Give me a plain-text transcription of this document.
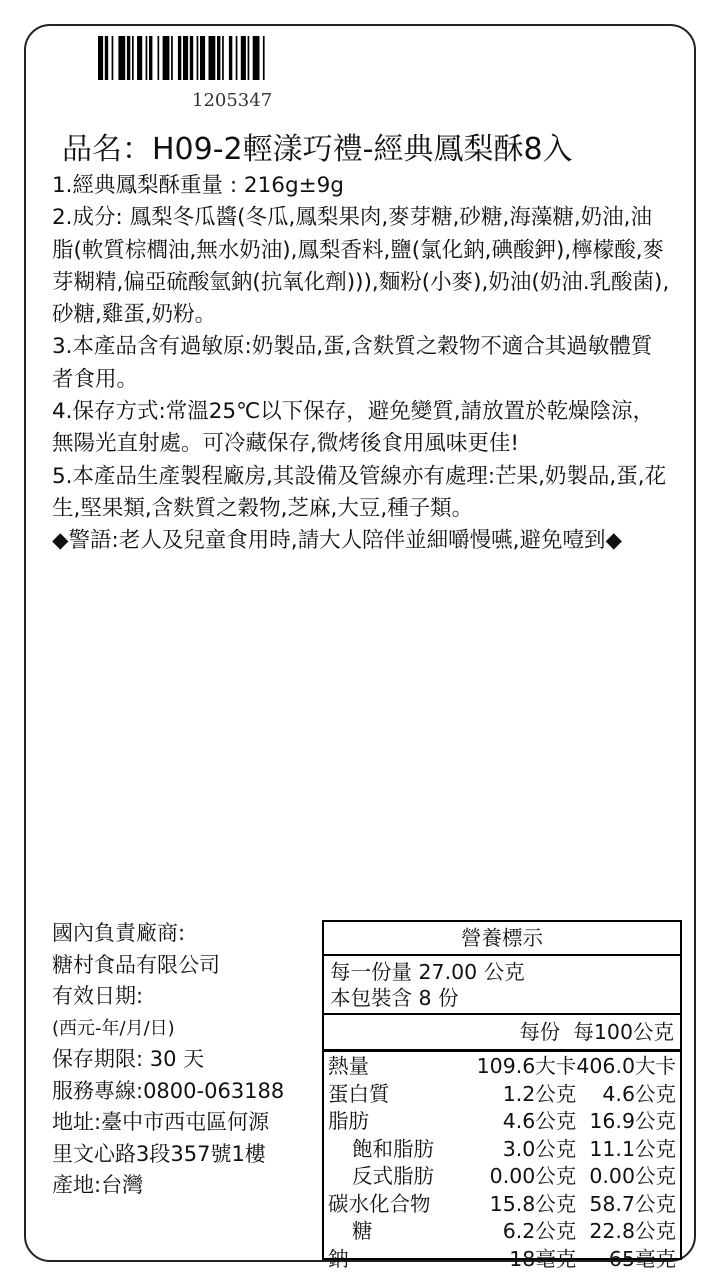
1205347
品名：H09-2輕漾巧禮-經典鳳梨酥8入

1.經典鳳梨酥重量 : 216g±9g

2.成分: 鳳梨冬瓜醬(冬瓜,鳳梨果肉,麥芽糖,砂糖,海藻糖,奶油,油脂(軟質棕櫚油,無水奶油),鳳梨香料,鹽(氯化鈉,碘酸鉀),檸檬酸,麥芽糊精,偏亞硫酸氫鈉(抗氧化劑))),麵粉(小麥),奶油(奶油.乳酸菌),砂糖,雞蛋,奶粉。

3.本產品含有過敏原:奶製品,蛋,含麩質之穀物不適合其過敏體質者食用。

4.保存方式:常溫25℃以下保存，避免變質,請放置於乾燥陰涼，無陽光直射處。可冷藏保存,微烤後食用風味更佳!

5.本產品生產製程廠房,其設備及管線亦有處理:芒果,奶製品,蛋,花生,堅果類,含麩質之穀物,芝麻,大豆,種子類。

◆警語:老人及兒童食用時,請大人陪伴並細嚼慢嚥,避免噎到◆

國內負責廠商:
糖村食品有限公司
有效日期:
(西元-年/月/日)
保存期限: 30 天
服務專線:0800-063188
地址:臺中市西屯區何源
里文心路3段357號1樓
產地:台灣
營養標示
每一份量 27.00 公克
本包裝含 8 份
每份 每100公克
熱量	109.6大卡	406.0大卡
蛋白質	1.2公克	4.6公克
脂肪	4.6公克	16.9公克
飽和脂肪	3.0公克	11.1公克
反式脂肪	0.00公克	0.00公克
碳水化合物	15.8公克	58.7公克
糖	6.2公克	22.8公克
鈉	18毫克	65毫克
